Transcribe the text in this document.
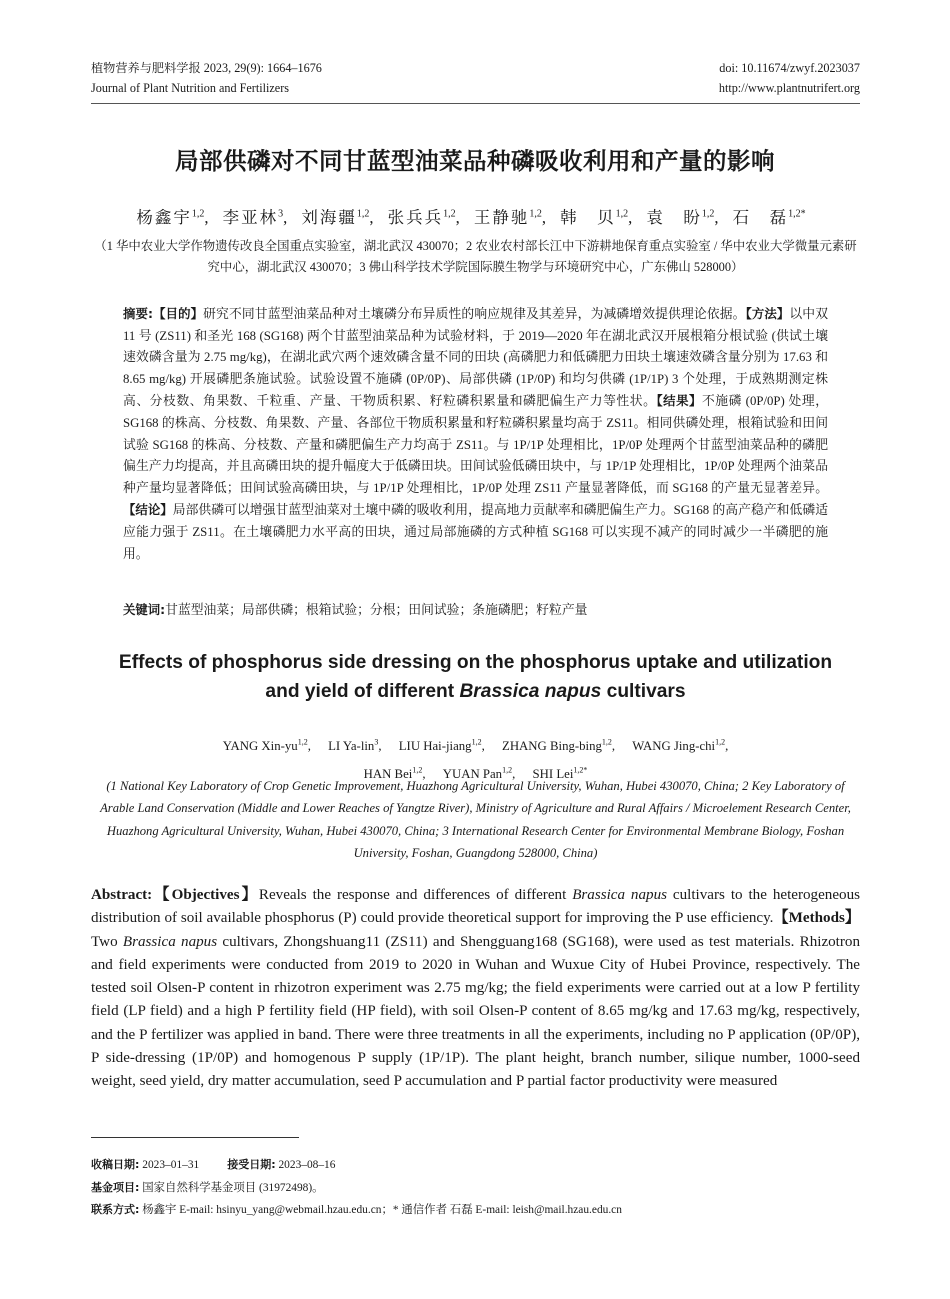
植物营养与肥料学报 2023, 29(9): 1664–1676	doi: 10.11674/zwyf.2023037
Journal of Plant Nutrition and Fertilizers	http://www.plantnutrifert.org
局部供磷对不同甘蓝型油菜品种磷吸收利用和产量的影响
杨鑫宇$^{1,2}$, 李亚林$^3$, 刘海疆$^{1,2}$, 张兵兵$^{1,2}$, 王静驰$^{1,2}$, 韩　贝$^{1,2}$, 袁　盼$^{1,2}$, 石　磊$^{1,2*}$
（1 华中农业大学作物遗传改良全国重点实验室，湖北武汉 430070；2 农业农村部长江中下游耕地保育重点实验室 / 华中农业大学微量元素研究中心，湖北武汉 430070；3 佛山科学技术学院国际膜生物学与环境研究中心，广东佛山 528000）
摘要:【目的】研究不同甘蓝型油菜品种对土壤磷分布异质性的响应规律及其差异，为减磷增效提供理论依据。【方法】以中双 11 号 (ZS11) 和圣光 168 (SG168) 两个甘蓝型油菜品种为试验材料，于 2019—2020 年在湖北武汉开展根箱分根试验 (供试土壤速效磷含量为 2.75 mg/kg)，在湖北武穴两个速效磷含量不同的田块 (高磷肥力和低磷肥力田块土壤速效磷含量分别为 17.63 和 8.65 mg/kg) 开展磷肥条施试验。试验设置不施磷 (0P/0P)、局部供磷 (1P/0P) 和均匀供磷 (1P/1P) 3 个处理，于成熟期测定株高、分枝数、角果数、千粒重、产量、干物质积累、籽粒磷积累量和磷肥偏生产力等性状。【结果】不施磷 (0P/0P) 处理，SG168 的株高、分枝数、角果数、产量、各部位干物质积累量和籽粒磷积累量均高于 ZS11。相同供磷处理，根箱试验和田间试验 SG168 的株高、分枝数、产量和磷肥偏生产力均高于 ZS11。与 1P/1P 处理相比，1P/0P 处理两个甘蓝型油菜品种的磷肥偏生产力均提高，并且高磷田块的提升幅度大于低磷田块。田间试验低磷田块中，与 1P/1P 处理相比，1P/0P 处理两个油菜品种产量均显著降低；田间试验高磷田块，与 1P/1P 处理相比，1P/0P 处理 ZS11 产量显著降低，而 SG168 的产量无显著差异。【结论】局部供磷可以增强甘蓝型油菜对土壤中磷的吸收利用，提高地力贡献率和磷肥偏生产力。SG168 的高产稳产和低磷适应能力强于 ZS11。在土壤磷肥力水平高的田块，通过局部施磷的方式种植 SG168 可以实现不减产的同时减少一半磷肥的施用。
关键词:甘蓝型油菜；局部供磷；根箱试验；分根；田间试验；条施磷肥；籽粒产量
Effects of phosphorus side dressing on the phosphorus uptake and utilization
and yield of different Brassica napus cultivars
YANG Xin-yu$^{1,2}$, LI Ya-lin$^3$, LIU Hai-jiang$^{1,2}$, ZHANG Bing-bing$^{1,2}$, WANG Jing-chi$^{1,2}$,
HAN Bei$^{1,2}$, YUAN Pan$^{1,2}$, SHI Lei$^{1,2*}$
(1 National Key Laboratory of Crop Genetic Improvement, Huazhong Agricultural University, Wuhan, Hubei 430070, China; 2 Key Laboratory of Arable Land Conservation (Middle and Lower Reaches of Yangtze River), Ministry of Agriculture and Rural Affairs / Microelement Research Center, Huazhong Agricultural University, Wuhan, Hubei 430070, China; 3 International Research Center for Environmental Membrane Biology, Foshan University, Foshan, Guangdong 528000, China)
Abstract:【Objectives】Reveals the response and differences of different Brassica napus cultivars to the heterogeneous distribution of soil available phosphorus (P) could provide theoretical support for improving the P use efficiency.【Methods】Two Brassica napus cultivars, Zhongshuang11 (ZS11) and Shengguang168 (SG168), were used as test materials. Rhizotron and field experiments were conducted from 2019 to 2020 in Wuhan and Wuxue City of Hubei Province, respectively. The tested soil Olsen-P content in rhizotron experiment was 2.75 mg/kg; the field experiments were carried out at a low P fertility field (LP field) and a high P fertility field (HP field), with soil Olsen-P content of 8.65 mg/kg and 17.63 mg/kg, respectively, and the P fertilizer was applied in band. There were three treatments in all the experiments, including no P application (0P/0P), P side-dressing (1P/0P) and homogenous P supply (1P/1P). The plant height, branch number, silique number, 1000-seed weight, seed yield, dry matter accumulation, seed P accumulation and P partial factor productivity were measured
收稿日期: 2023–01–31	接受日期: 2023–08–16
基金项目: 国家自然科学基金项目 (31972498)。
联系方式: 杨鑫宇 E-mail: hsinyu_yang@webmail.hzau.edu.cn；* 通信作者 石磊 E-mail: leish@mail.hzau.edu.cn
